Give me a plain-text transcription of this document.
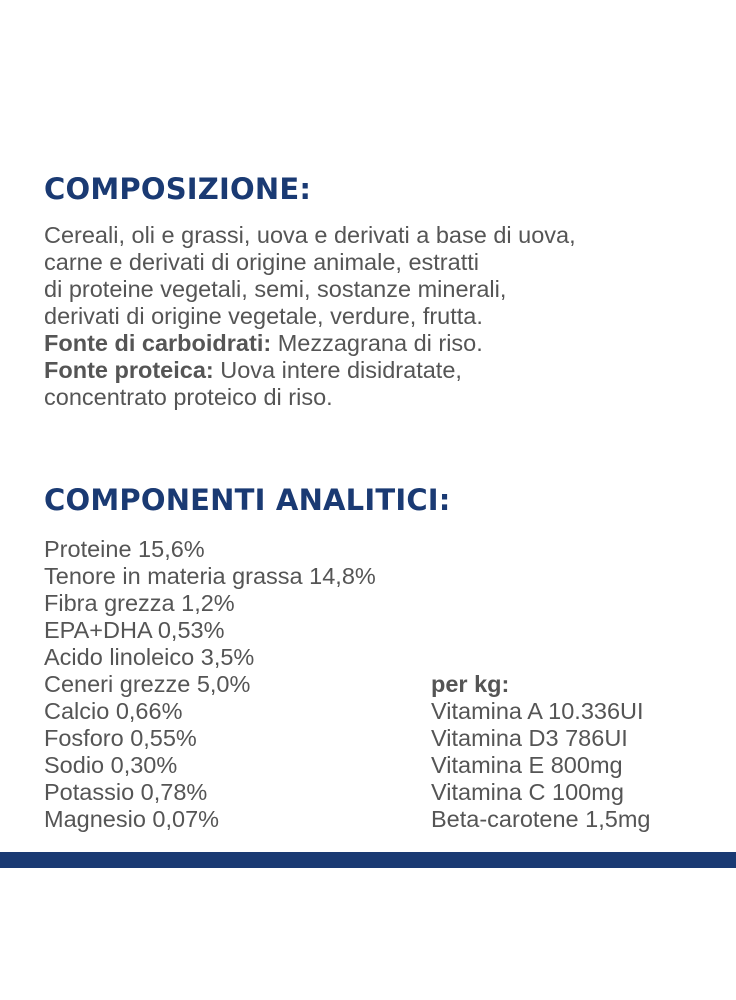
COMPOSIZIONE:
Cereali, oli e grassi, uova e derivati a base di uova,
carne e derivati di origine animale, estratti
di proteine vegetali, semi, sostanze minerali,
derivati di origine vegetale, verdure, frutta.
Fonte di carboidrati: Mezzagrana di riso.
Fonte proteica: Uova intere disidratate,
concentrato proteico di riso.
COMPONENTI ANALITICI:
Proteine 15,6%
Tenore in materia grassa 14,8%
Fibra grezza 1,2%
EPA+DHA 0,53%
Acido linoleico 3,5%
Ceneri grezze 5,0%
Calcio 0,66%
Fosforo 0,55%
Sodio 0,30%
Potassio 0,78%
Magnesio 0,07%
per kg:
Vitamina A 10.336UI
Vitamina D3 786UI
Vitamina E 800mg
Vitamina C 100mg
Beta-carotene 1,5mg
